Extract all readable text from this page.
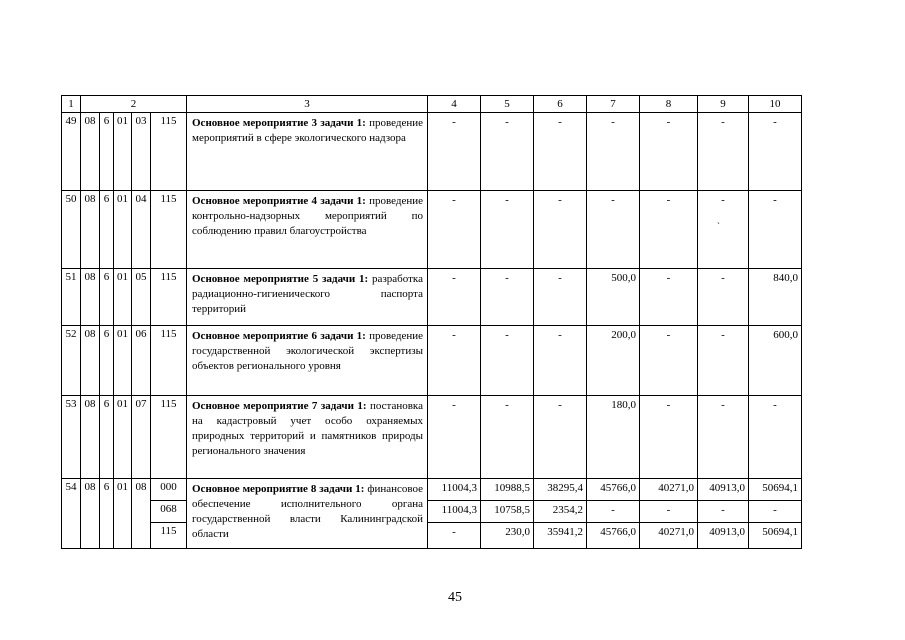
1	2					3	4	5	6	7	8	9	10
49	08	6	01	03	115	Основное мероприятие 3 задачи 1: проведение мероприятий в сфере экологического надзора	-	-	-	-	-	-	-
50	08	6	01	04	115	Основное мероприятие 4 задачи 1: проведение контрольно-надзорных мероприятий по соблюдению правил благоустройства	-	-	-	-	-	-	-
51	08	6	01	05	115	Основное мероприятие 5 задачи 1: разработка радиационно-гигиенического паспорта территорий	-	-	-	500,0	-	-	840,0
52	08	6	01	06	115	Основное мероприятие 6 задачи 1: проведение государственной экологической экспертизы объектов регионального уровня	-	-	-	200,0	-	-	600,0
53	08	6	01	07	115	Основное мероприятие 7 задачи 1: постановка на кадастровый учет особо охраняемых природных территорий и памятников природы регионального значения	-	-	-	180,0	-	-	-
54	08	6	01	08	000	Основное мероприятие 8 задачи 1: финансовое обеспечение исполнительного органа государственной власти Калининградской области	11004,3	10988,5	38295,4	45766,0	40271,0	40913,0	50694,1
					068		11004,3	10758,5	2354,2	-	-	-	-
					115		-	230,0	35941,2	45766,0	40271,0	40913,0	50694,1
`
45
